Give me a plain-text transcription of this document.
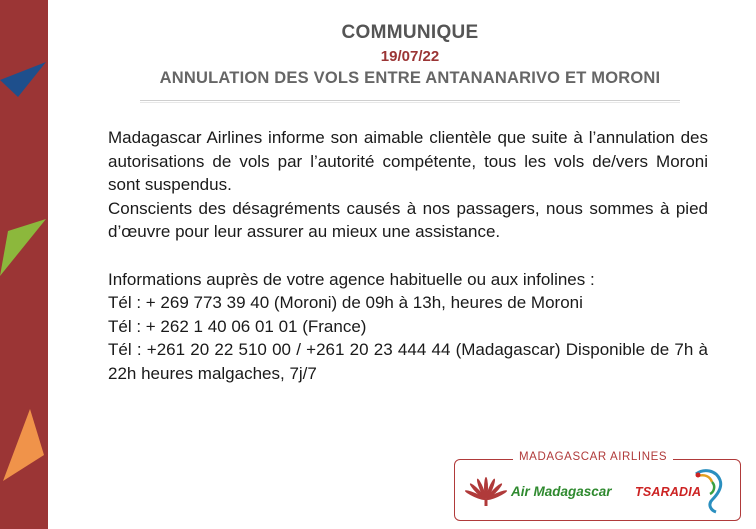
COMMUNIQUE
19/07/22
ANNULATION DES VOLS ENTRE ANTANANARIVO ET MORONI

Madagascar Airlines informe son aimable clientèle que suite à l’annulation des autorisations de vols par l’autorité compétente, tous les vols de/vers Moroni sont suspendus.

Conscients des désagréments causés à nos passagers, nous sommes à pied d’œuvre pour leur assurer au mieux une assistance.

Informations auprès de votre agence habituelle ou aux infolines :

Tél : + 269 773 39 40 (Moroni) de 09h à 13h, heures de Moroni

Tél : + 262 1 40 06 01 01 (France)

Tél : +261 20 22 510 00 / +261 20 23 444 44 (Madagascar) Disponible de 7h à 22h heures malgaches, 7j/7

MADAGASCAR AIRLINES
Air Madagascar TSARADIA
